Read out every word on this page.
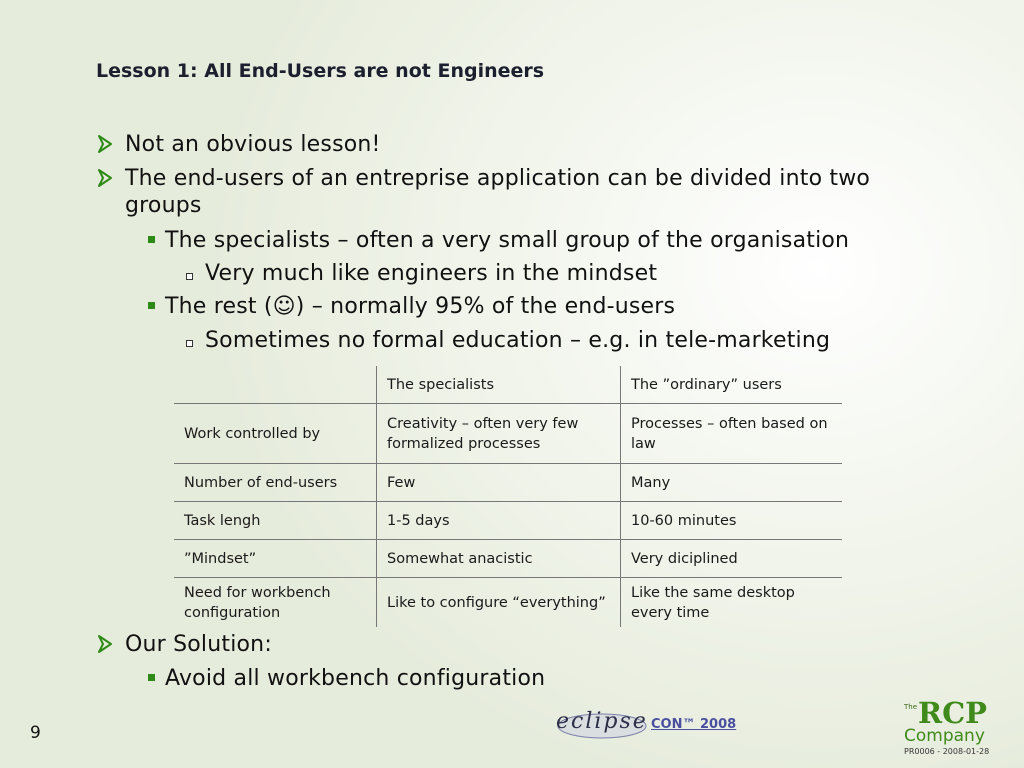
Lesson 1: All End-Users are not Engineers
Not an obvious lesson!
The end-users of an entreprise application can be divided into two groups
The specialists – often a very small group of the organisation
Very much like engineers in the mindset
The rest (☺) – normally 95% of the end-users
Sometimes no formal education – e.g. in tele-marketing
Our Solution:
Avoid all workbench configuration
	The specialists	The ”ordinary” users
Work controlled by	Creativity – often very few formalized processes	Processes – often based on law
Number of end-users	Few	Many
Task lengh	1-5 days	10-60 minutes
”Mindset”	Somewhat anacistic	Very diciplined
Need for workbench configuration	Like to configure “everything”	Like the same desktop every time
9	eclipse CON™ 2008
The RCP
Company
PR0006 - 2008-01-28
